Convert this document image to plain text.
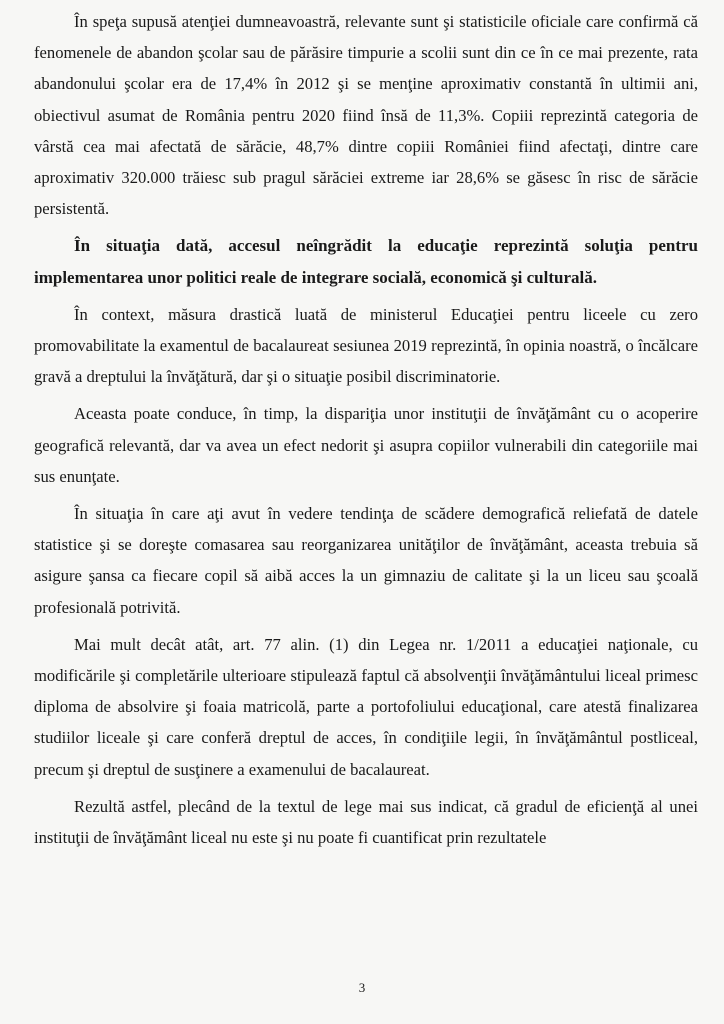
În speţa supusă atenţiei dumneavoastră, relevante sunt şi statisticile oficiale care confirmă că fenomenele de abandon şcolar sau de părăsire timpurie a scolii sunt din ce în ce mai prezente, rata abandonului şcolar era de 17,4% în 2012 şi se menţine aproximativ constantă în ultimii ani, obiectivul asumat de România pentru 2020 fiind însă de 11,3%. Copiii reprezintă categoria de vârstă cea mai afectată de sărăcie, 48,7% dintre copiii României fiind afectaţi, dintre care aproximativ 320.000 trăiesc sub pragul sărăciei extreme iar 28,6% se găsesc în risc de sărăcie persistentă.

În situaţia dată, accesul neîngrădit la educaţie reprezintă soluţia pentru implementarea unor politici reale de integrare socială, economică şi culturală.

În context, măsura drastică luată de ministerul Educaţiei pentru liceele cu zero promovabilitate la examentul de bacalaureat sesiunea 2019 reprezintă, în opinia noastră, o încălcare gravă a dreptului la învăţătură, dar şi o situaţie posibil discriminatorie.

Aceasta poate conduce, în timp, la dispariţia unor instituţii de învăţământ cu o acoperire geografică relevantă, dar va avea un efect nedorit şi asupra copiilor vulnerabili din categoriile mai sus enunţate.

În situaţia în care aţi avut în vedere tendinţa de scădere demografică reliefată de datele statistice şi se doreşte comasarea sau reorganizarea unităţilor de învăţământ, aceasta trebuia să asigure şansa ca fiecare copil să aibă acces la un gimnaziu de calitate şi la un liceu sau şcoală profesională potrivită.

Mai mult decât atât, art. 77 alin. (1) din Legea nr. 1/2011 a educaţiei naţionale, cu modificările şi completările ulterioare stipulează faptul că absolvenţii învăţământului liceal primesc diploma de absolvire şi foaia matricolă, parte a portofoliului educaţional, care atestă finalizarea studiilor liceale şi care conferă dreptul de acces, în condiţiile legii, în învăţământul postliceal, precum şi dreptul de susţinere a examenului de bacalaureat.

Rezultă astfel, plecând de la textul de lege mai sus indicat, că gradul de eficienţă al unei instituţii de învăţământ liceal nu este şi nu poate fi cuantificat prin rezultatele

3
